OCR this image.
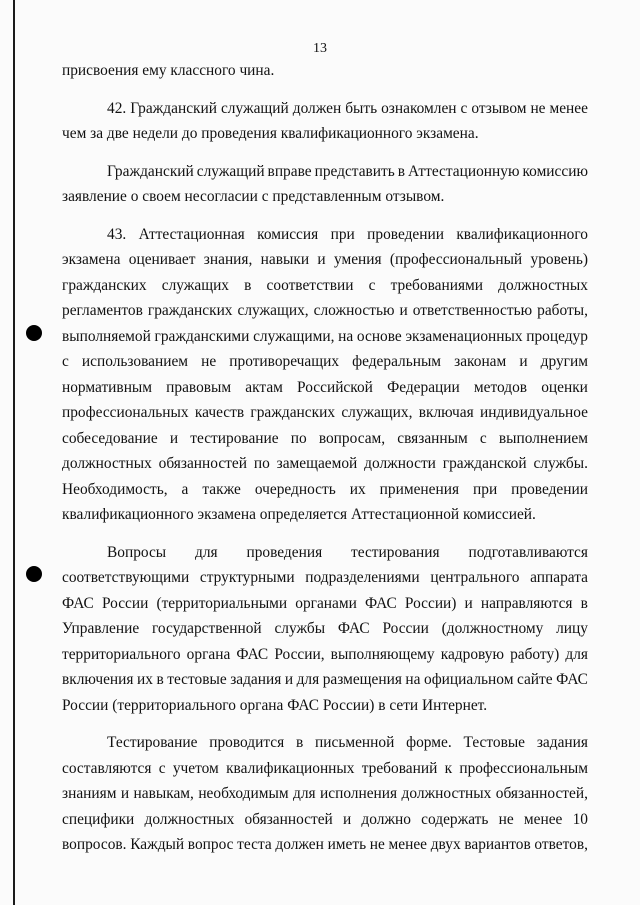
13
присвоения ему классного чина.
42. Гражданский служащий должен быть ознакомлен с отзывом не менее
чем за две недели до проведения квалификационного экзамена.
Гражданский служащий вправе представить в Аттестационную комиссию
заявление о своем несогласии с представленным отзывом.
43. Аттестационная комиссия при проведении квалификационного
экзамена оценивает знания, навыки и умения (профессиональный уровень)
гражданских служащих в соответствии с требованиями должностных
регламентов гражданских служащих, сложностью и ответственностью работы,
выполняемой гражданскими служащими, на основе экзаменационных процедур
с использованием не противоречащих федеральным законам и другим
нормативным правовым актам Российской Федерации методов оценки
профессиональных качеств гражданских служащих, включая индивидуальное
собеседование и тестирование по вопросам, связанным с выполнением
должностных обязанностей по замещаемой должности гражданской службы.
Необходимость, а также очередность их применения при проведении
квалификационного экзамена определяется Аттестационной комиссией.
Вопросы для проведения тестирования подготавливаются
соответствующими структурными подразделениями центрального аппарата
ФАС России (территориальными органами ФАС России) и направляются в
Управление государственной службы ФАС России (должностному лицу
территориального органа ФАС России, выполняющему кадровую работу) для
включения их в тестовые задания и для размещения на официальном сайте ФАС
России (территориального органа ФАС России) в сети Интернет.
Тестирование проводится в письменной форме. Тестовые задания
составляются с учетом квалификационных требований к профессиональным
знаниям и навыкам, необходимым для исполнения должностных обязанностей,
специфики должностных обязанностей и должно содержать не менее 10
вопросов. Каждый вопрос теста должен иметь не менее двух вариантов ответов,
